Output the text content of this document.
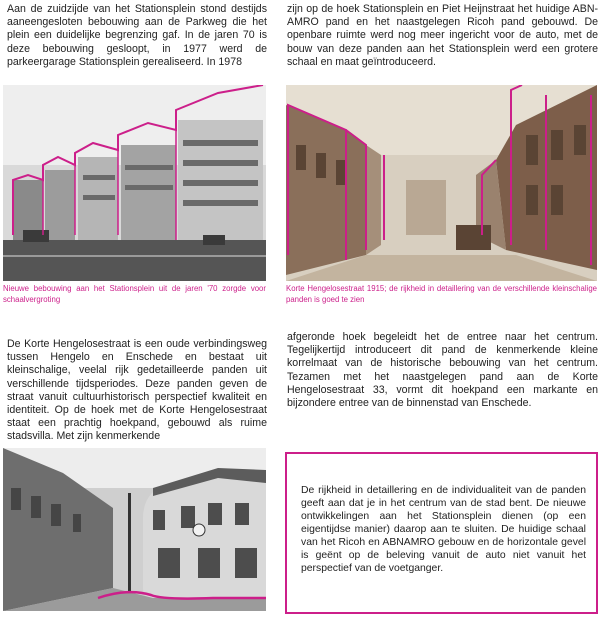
Aan de zuidzijde van het Stationsplein stond destijds aaneengesloten bebouwing aan de Parkweg die het plein een duidelijke begrenzing gaf. In de jaren 70 is deze bebouwing gesloopt, in 1977 werd de parkeergarage Stationsplein gerealiseerd. In 1978

zijn op de hoek Stationsplein en Piet Heijnstraat het huidige ABN-AMRO pand en het naastgelegen Ricoh pand gebouwd. De openbare ruimte werd nog meer ingericht voor de auto, met de bouw van deze panden aan het Stationsplein werd een grotere schaal en maat geïntroduceerd.

Nieuwe bebouwing aan het Stationsplein uit de jaren '70 zorgde voor schaalvergroting

Korte Hengelosestraat 1915; de rijkheid in detaillering van de verschillende kleinschalige panden is goed te zien

De Korte Hengelosestraat is een oude verbindingsweg tussen Hengelo en Enschede en bestaat uit kleinschalige, veelal rijk gedetailleerde panden uit verschillende tijdsperiodes. Deze panden geven de straat vanuit cultuurhistorisch perspectief kwaliteit en identiteit. Op de hoek met de Korte Hengelosestraat staat een prachtig hoekpand, gebouwd als ruime stadsvilla. Met zijn kenmerkende

afgeronde hoek begeleidt het de entree naar het centrum. Tegelijkertijd introduceert dit pand de kenmerkende kleine korrelmaat van de historische bebouwing van het centrum. Tezamen met het naastgelegen pand aan de Korte Hengelosestraat 33, vormt dit hoekpand een markante en bijzondere entree van de binnenstad van Enschede.

De rijkheid in detaillering en de individualiteit van de panden geeft aan dat je in het centrum van de stad bent. De nieuwe ontwikkelingen aan het Stationsplein dienen (op een eigentijdse manier) daarop aan te sluiten. De huidige schaal van het Ricoh en ABNAMRO gebouw en de horizontale gevel is geënt op de beleving vanuit de auto niet vanuit het perspectief van de voetganger.
